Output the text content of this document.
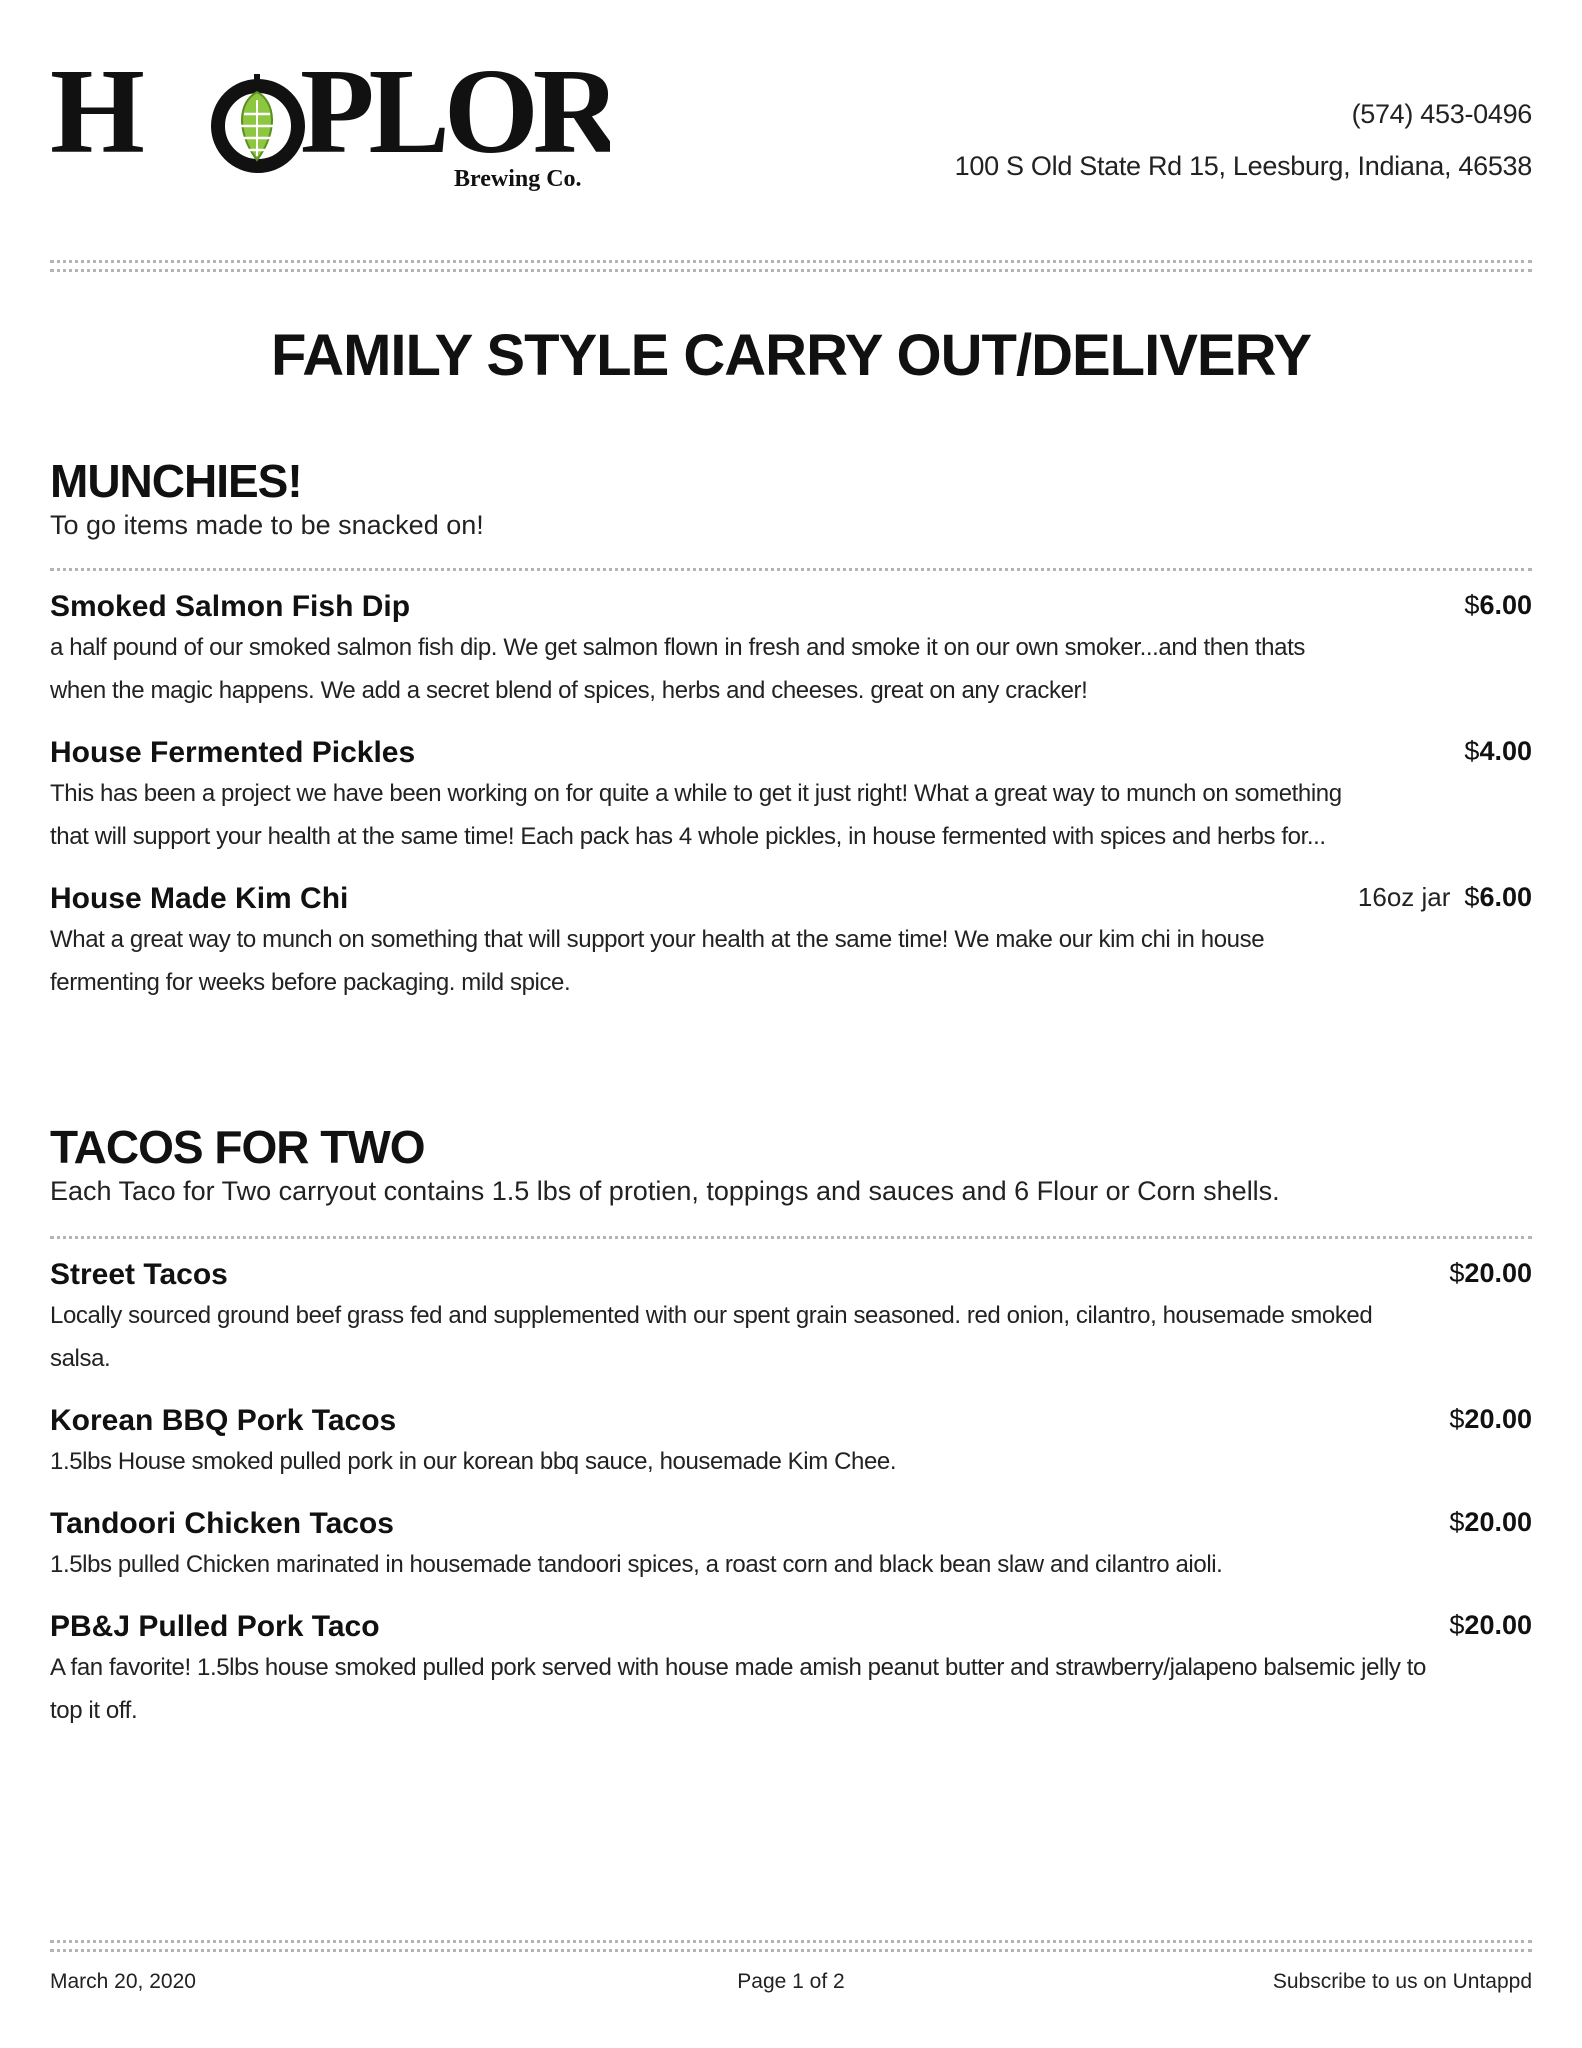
H PLOR
Brewing Co.
(574) 453-0496
100 S Old State Rd 15, Leesburg, Indiana, 46538
FAMILY STYLE CARRY OUT/DELIVERY
MUNCHIES!
To go items made to be snacked on!
Smoked Salmon Fish Dip	$6.00
a half pound of our smoked salmon fish dip. We get salmon flown in fresh and smoke it on our own smoker...and then thats when the magic happens. We add a secret blend of spices, herbs and cheeses. great on any cracker!
House Fermented Pickles	$4.00
This has been a project we have been working on for quite a while to get it just right! What a great way to munch on something that will support your health at the same time! Each pack has 4 whole pickles, in house fermented with spices and herbs for...
House Made Kim Chi	16oz jar $6.00
What a great way to munch on something that will support your health at the same time! We make our kim chi in house fermenting for weeks before packaging. mild spice.
TACOS FOR TWO
Each Taco for Two carryout contains 1.5 lbs of protien, toppings and sauces and 6 Flour or Corn shells.
Street Tacos	$20.00
Locally sourced ground beef grass fed and supplemented with our spent grain seasoned. red onion, cilantro, housemade smoked salsa.
Korean BBQ Pork Tacos	$20.00
1.5lbs House smoked pulled pork in our korean bbq sauce, housemade Kim Chee.
Tandoori Chicken Tacos	$20.00
1.5lbs pulled Chicken marinated in housemade tandoori spices, a roast corn and black bean slaw and cilantro aioli.
PB&J Pulled Pork Taco	$20.00
A fan favorite! 1.5lbs house smoked pulled pork served with house made amish peanut butter and strawberry/jalapeno balsemic jelly to top it off.
March 20, 2020	Page 1 of 2	Subscribe to us on Untappd
